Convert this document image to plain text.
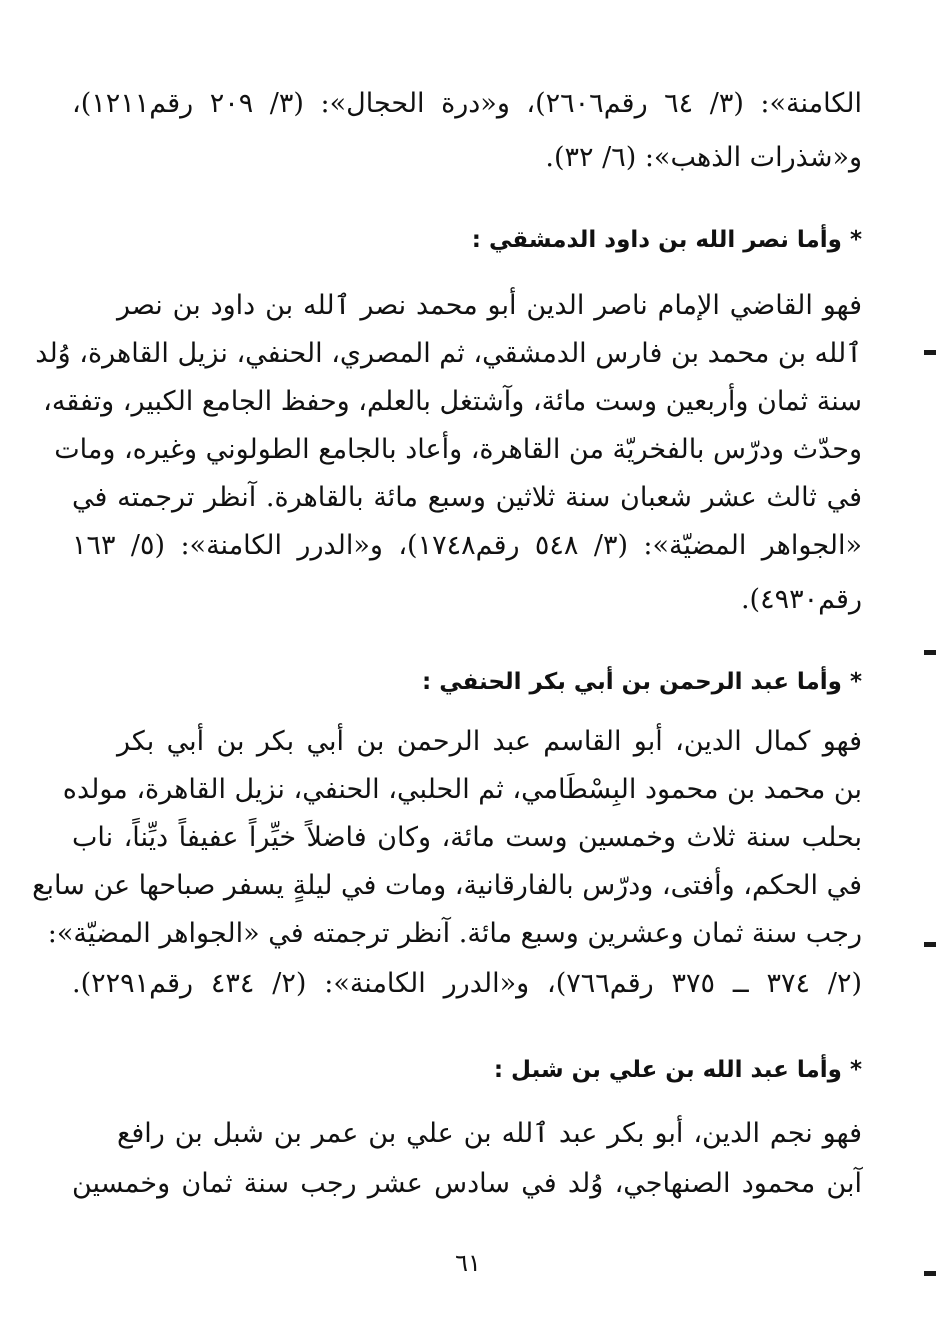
الكامنة»: (٣/ ٦٤ رقم٢٦٠٦)، و«درة الحجال»: (٣/ ٢٠٩ رقم١٢١١)،
و«شذرات الذهب»: (٦/ ٣٢).
* وأما نصر الله بن داود الدمشقي :
فهو القاضي الإمام ناصر الدين أبو محمد نصر ٱلله بن داود بن نصر
ٱلله بن محمد بن فارس الدمشقي، ثم المصري، الحنفي، نزيل القاهرة، وُلد
سنة ثمان وأربعين وست مائة، وآشتغل بالعلم، وحفظ الجامع الكبير، وتفقه،
وحدّث ودرّس بالفخريّة من القاهرة، وأعاد بالجامع الطولوني وغيره، ومات
في ثالث عشر شعبان سنة ثلاثين وسبع مائة بالقاهرة. آنظر ترجمته في
«الجواهر المضيّة»: (٣/ ٥٤٨ رقم١٧٤٨)، و«الدرر الكامنة»: (٥/ ١٦٣
رقم٤٩٣٠).
* وأما عبد الرحمن بن أبي بكر الحنفي :
فهو كمال الدين، أبو القاسم عبد الرحمن بن أبي بكر بن أبي بكر
بن محمد بن محمود البِسْطَامي، ثم الحلبي، الحنفي، نزيل القاهرة، مولده
بحلب سنة ثلاث وخمسين وست مائة، وكان فاضلاً خيِّراً عفيفاً ديِّناً، ناب
في الحكم، وأفتى، ودرّس بالفارقانية، ومات في ليلةٍ يسفر صباحها عن سابع
رجب سنة ثمان وعشرين وسبع مائة. آنظر ترجمته في «الجواهر المضيّة»:
(٢/ ٣٧٤ ــ ٣٧٥ رقم٧٦٦)، و«الدرر الكامنة»: (٢/ ٤٣٤ رقم٢٢٩١).
* وأما عبد الله بن علي بن شبل :
فهو نجم الدين، أبو بكر عبد ٱلله بن علي بن عمر بن شبل بن رافع
آبن محمود الصنهاجي، وُلد في سادس عشر رجب سنة ثمان وخمسين
٦١
